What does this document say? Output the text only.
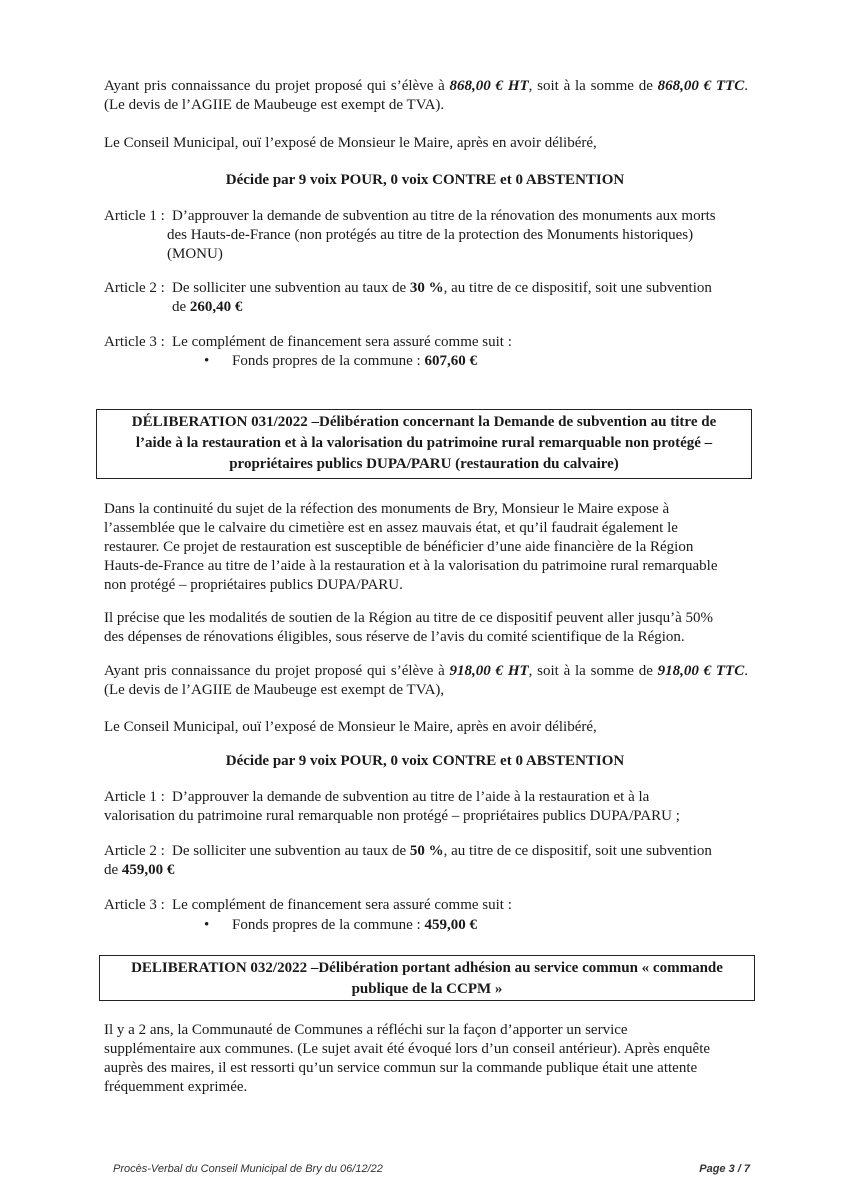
Ayant pris connaissance du projet proposé qui s’élève à 868,00 € HT, soit à la somme de 868,00 € TTC. (Le devis de l’AGIIE de Maubeuge est exempt de TVA).

Le Conseil Municipal, ouï l’exposé de Monsieur le Maire, après en avoir délibéré,

Décide par 9 voix POUR, 0 voix CONTRE et 0 ABSTENTION

Article 1 : D’approuver la demande de subvention au titre de la rénovation des monuments aux morts
des Hauts-de-France (non protégés au titre de la protection des Monuments historiques)
(MONU)
Article 2 : De solliciter une subvention au taux de 30 %, au titre de ce dispositif, soit une subvention
de 260,40 €
Article 3 : Le complément de financement sera assuré comme suit :
• Fonds propres de la commune : 607,60 €
DÉLIBERATION 031/2022 –Délibération concernant la Demande de subvention au titre de
l’aide à la restauration et à la valorisation du patrimoine rural remarquable non protégé –
propriétaires publics DUPA/PARU (restauration du calvaire)
Dans la continuité du sujet de la réfection des monuments de Bry, Monsieur le Maire expose à
l’assemblée que le calvaire du cimetière est en assez mauvais état, et qu’il faudrait également le
restaurer. Ce projet de restauration est susceptible de bénéficier d’une aide financière de la Région
Hauts-de-France au titre de l’aide à la restauration et à la valorisation du patrimoine rural remarquable
non protégé – propriétaires publics DUPA/PARU.
Il précise que les modalités de soutien de la Région au titre de ce dispositif peuvent aller jusqu’à 50%
des dépenses de rénovations éligibles, sous réserve de l’avis du comité scientifique de la Région.

Ayant pris connaissance du projet proposé qui s’élève à 918,00 € HT, soit à la somme de 918,00 € TTC. (Le devis de l’AGIIE de Maubeuge est exempt de TVA),

Le Conseil Municipal, ouï l’exposé de Monsieur le Maire, après en avoir délibéré,

Décide par 9 voix POUR, 0 voix CONTRE et 0 ABSTENTION

Article 1 : D’approuver la demande de subvention au titre de l’aide à la restauration et à la
valorisation du patrimoine rural remarquable non protégé – propriétaires publics DUPA/PARU ;
Article 2 : De solliciter une subvention au taux de 50 %, au titre de ce dispositif, soit une subvention
de 459,00 €
Article 3 : Le complément de financement sera assuré comme suit :
• Fonds propres de la commune : 459,00 €
DELIBERATION 032/2022 –Délibération portant adhésion au service commun « commande
publique de la CCPM »
Il y a 2 ans, la Communauté de Communes a réfléchi sur la façon d’apporter un service
supplémentaire aux communes. (Le sujet avait été évoqué lors d’un conseil antérieur). Après enquête
auprès des maires, il est ressorti qu’un service commun sur la commande publique était une attente
fréquemment exprimée.
Procès-Verbal du Conseil Municipal de Bry du 06/12/22	Page 3 / 7
